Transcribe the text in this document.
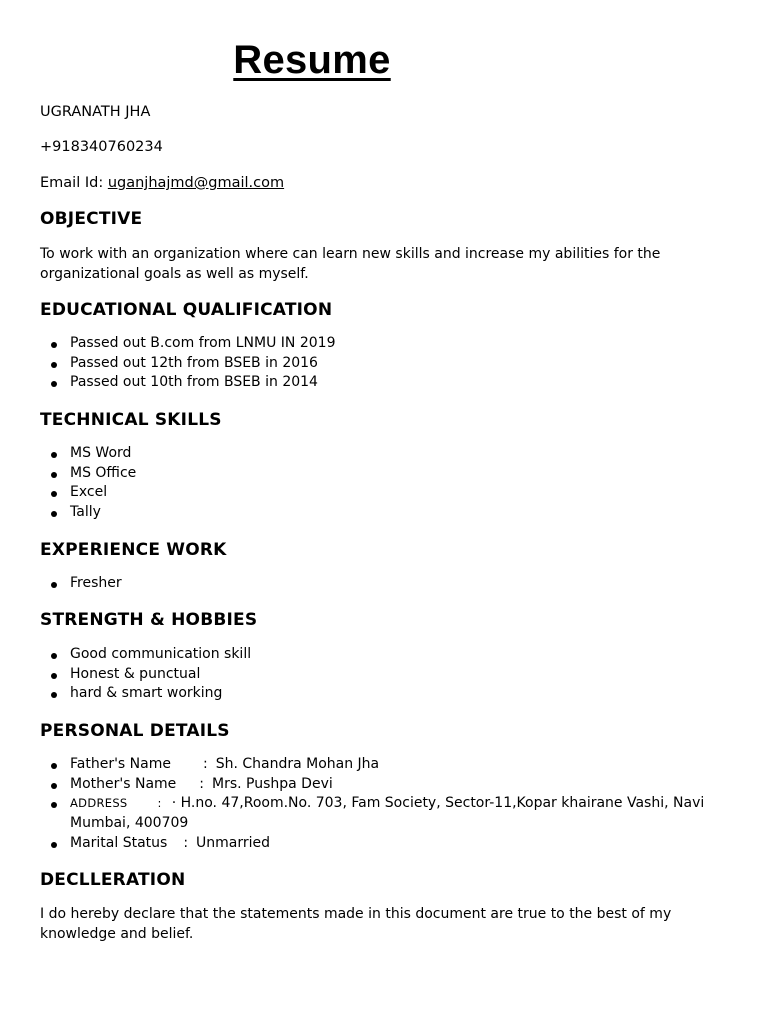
Resume
UGRANATH JHA
+918340760234
Email Id: uganjhajmd@gmail.com
OBJECTIVE
To work with an organization where can learn new skills and increase my abilities for the organizational goals as well as myself.
EDUCATIONAL QUALIFICATION
Passed out B.com from LNMU IN 2019
Passed out 12th from BSEB in 2016
Passed out 10th from BSEB in 2014
TECHNICAL SKILLS
MS Word
MS Office
Excel
Tally
EXPERIENCE WORK
Fresher
STRENGTH & HOBBIES
Good communication skill
Honest & punctual
hard & smart working
PERSONAL DETAILS
Father's Name : Sh. Chandra Mohan Jha
Mother's Name : Mrs. Pushpa Devi
ADDRESS	: · H.no. 47,Room.No. 703, Fam Society, Sector-11,Kopar khairane Vashi, Navi Mumbai, 400709
Marital Status : Unmarried
DECLLERATION
I do hereby declare that the statements made in this document are true to the best of my knowledge and belief.
